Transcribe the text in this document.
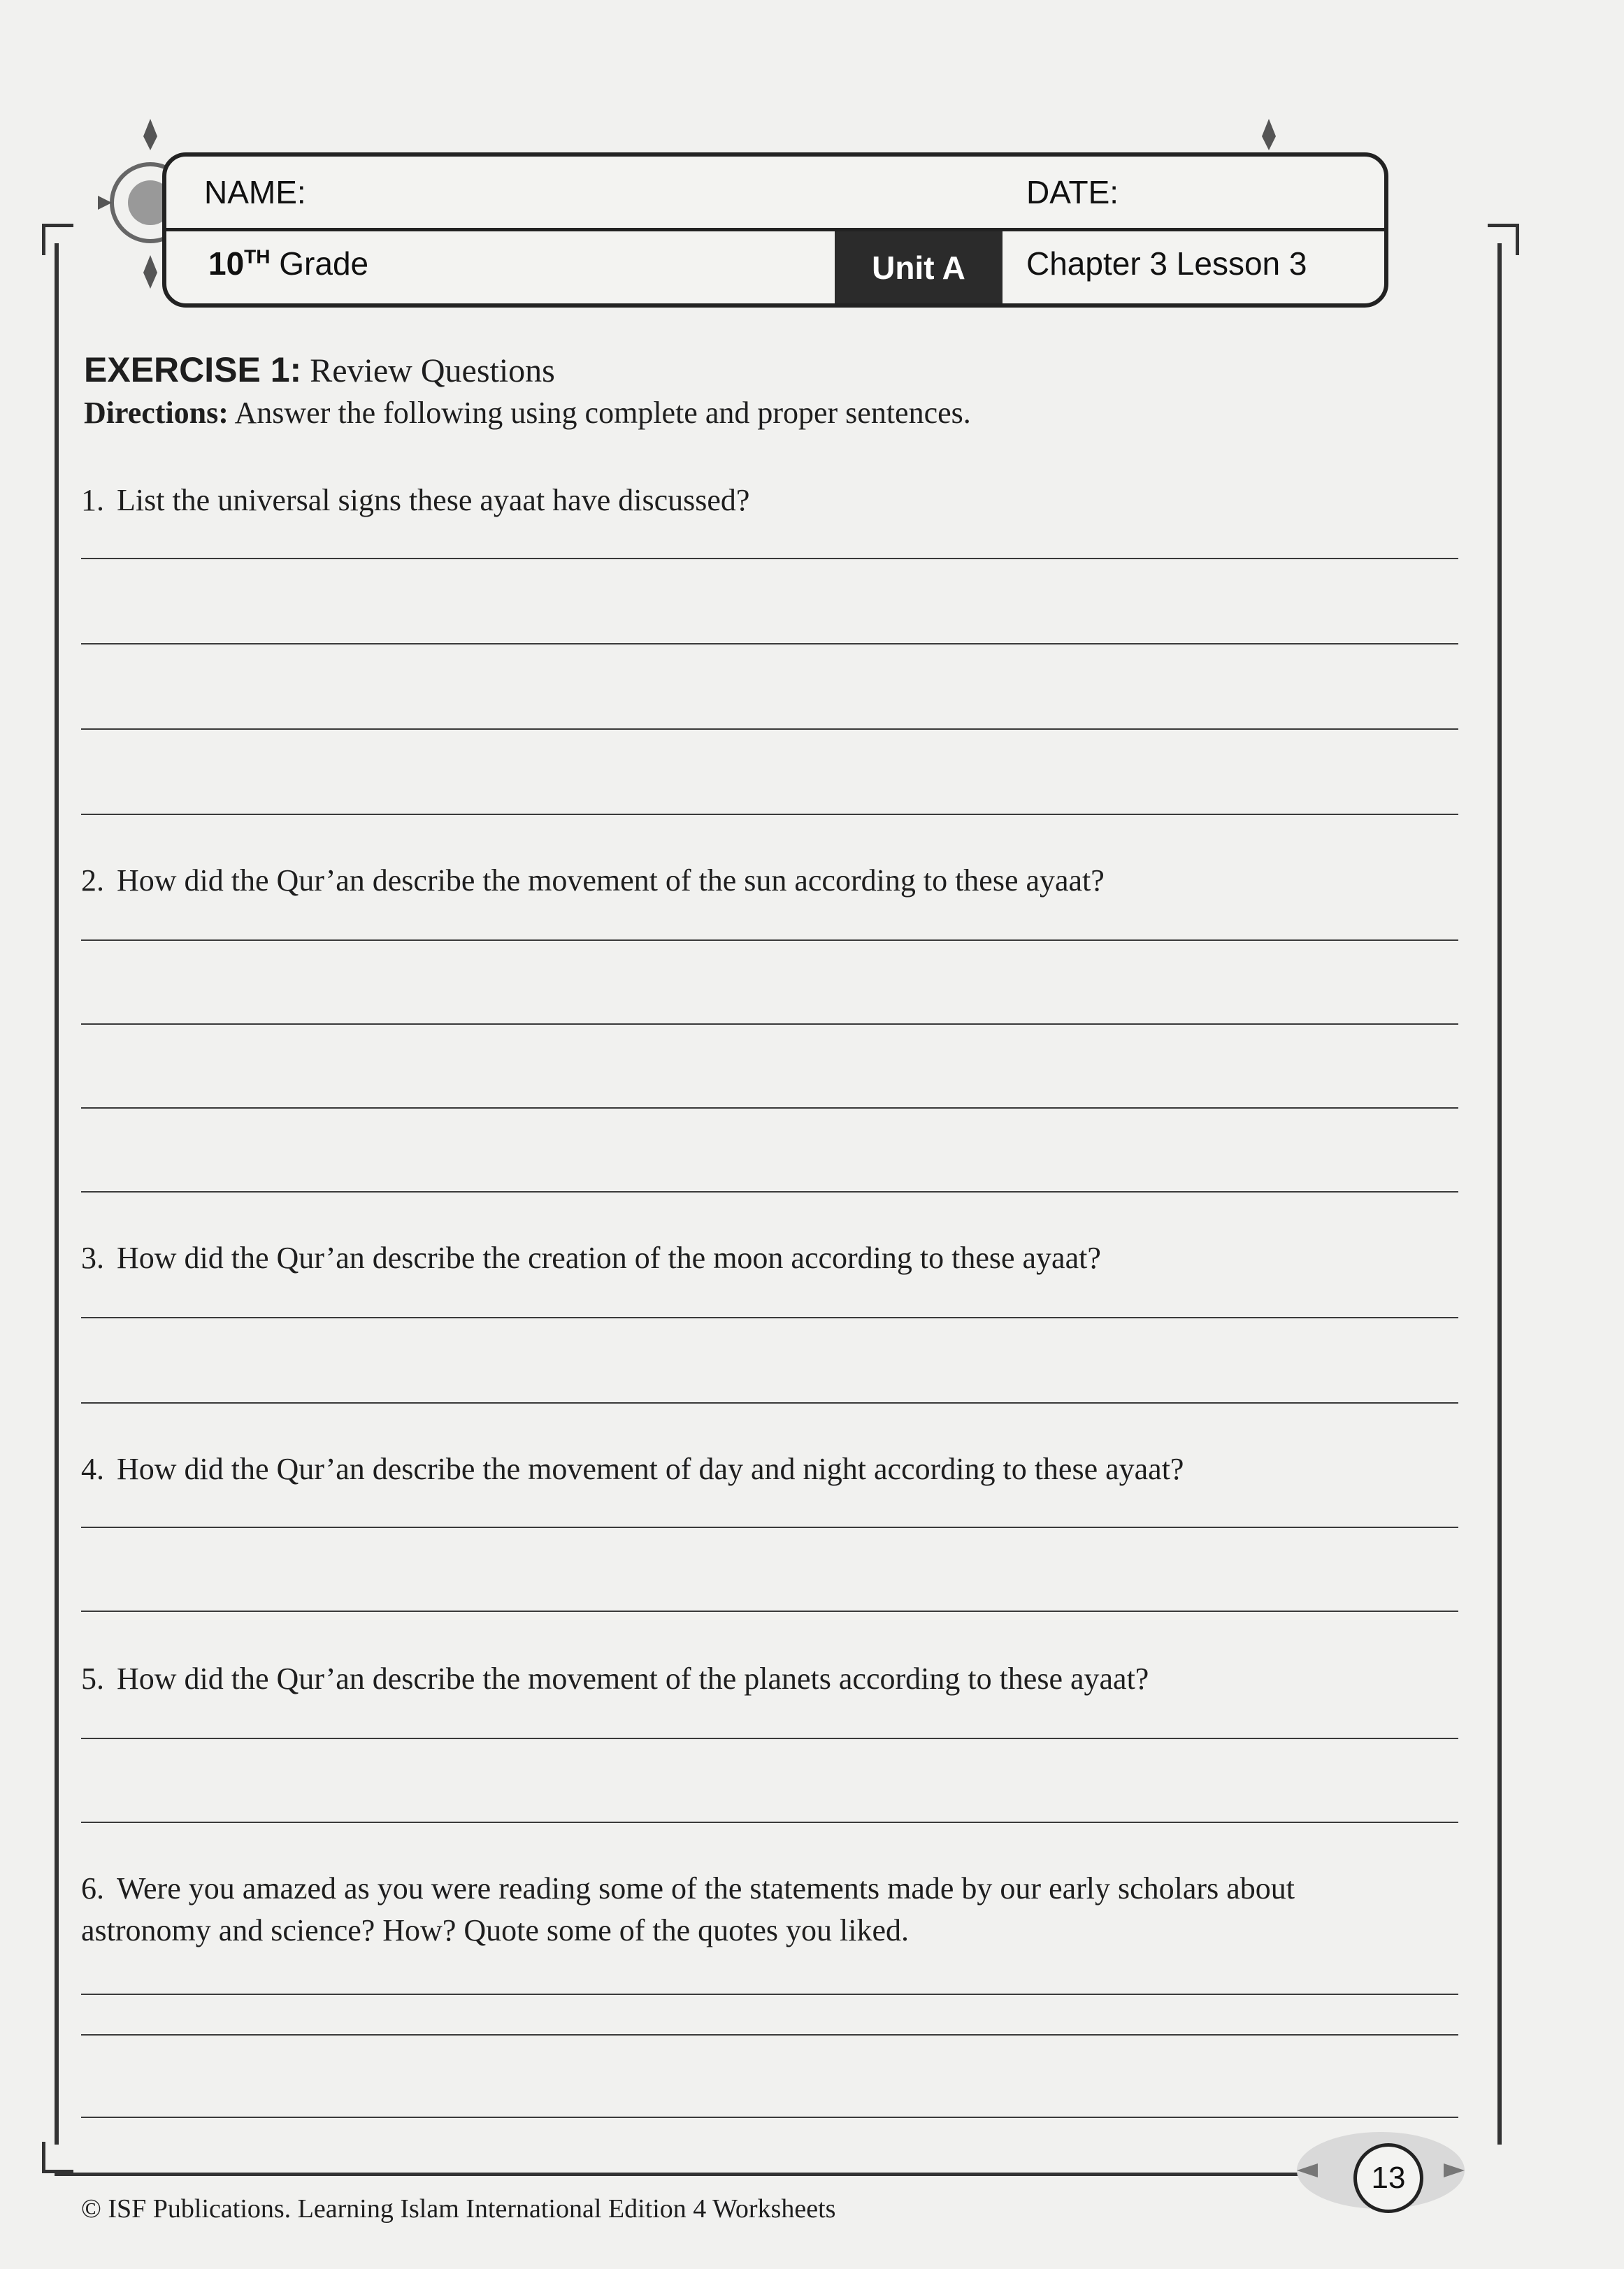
NAME:	DATE:
10TH Grade	Unit A	Chapter 3 Lesson 3
EXERCISE 1: Review Questions
Directions: Answer the following using complete and proper sentences.
1. List the universal signs these ayaat have discussed?
2. How did the Qur’an describe the movement of the sun according to these ayaat?
3. How did the Qur’an describe the creation of the moon according to these ayaat?
4. How did the Qur’an describe the movement of day and night according to these ayaat?
5. How did the Qur’an describe the movement of the planets according to these ayaat?
6. Were you amazed as you were reading some of the statements made by our early scholars about astronomy and science? How? Quote some of the quotes you liked.
13
© ISF Publications. Learning Islam International Edition 4 Worksheets
